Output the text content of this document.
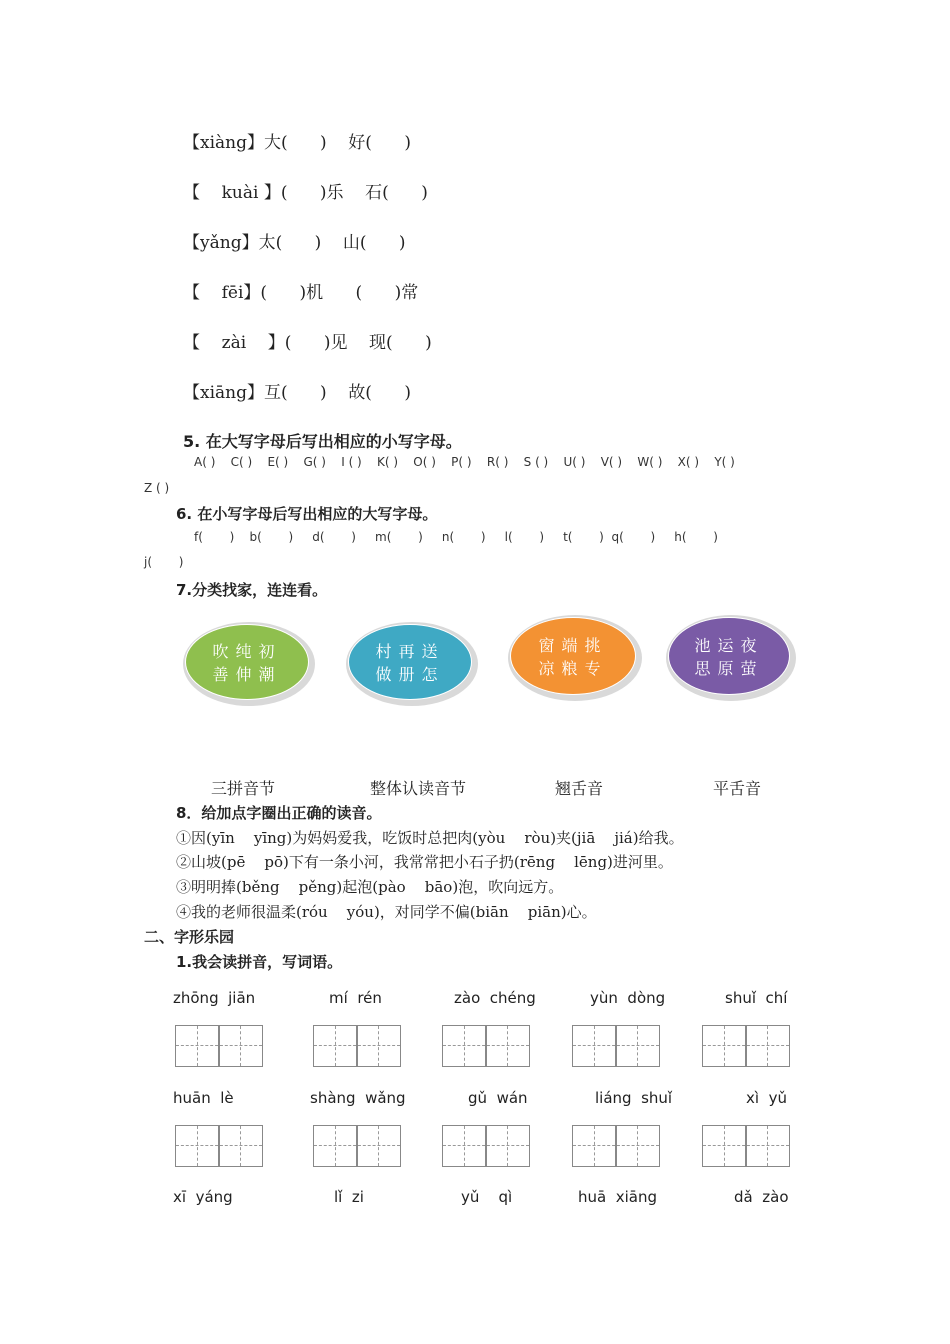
【xiàng】大(      )    好(      )
【    kuài 】(      )乐    石(      )
【yǎng】太(      )    山(      )
【    fēi】(      )机      (      )常
【    zài    】(      )见    现(      )
【xiāng】互(      )    故(      )
5. 在大写字母后写出相应的小写字母。
A( )    C( )    E( )    G( )    I ( )    K( )    O( )    P( )    R( )    S ( )    U( )    V( )    W( )    X( )    Y( )
Z ( )
6. 在小写字母后写出相应的大写字母。
f(       )    b(       )     d(       )     m(       )     n(       )     l(       )     t(       )  q(       )     h(       )
j(       )
7.分类找家，连连看。
吹纯初
善伸潮
村再送
做册怎
窗端挑
凉粮专
池运夜
思原萤
三拼音节	整体认读音节	翘舌音	平舌音
8．给加点字圈出正确的读音。
①因(yīn    yīng)为妈妈爱我，吃饭时总把肉(yòu    ròu)夹(jiā    jiá)给我。
②山坡(pē    pō)下有一条小河，我常常把小石子扔(rēng    lēng)进河里。
③明明捧(běng    pěng)起泡(pào    bāo)泡，吹向远方。
④我的老师很温柔(róu    yóu)，对同学不偏(biān    piān)心。
二、字形乐园
1.我会读拼音，写词语。
zhōng  jiān	mí  rén	zào  chéng	yùn  dòng	shuǐ  chí
huān  lè	shàng  wǎng	gǔ  wán	liáng  shuǐ	xì  yǔ
xī  yáng	lǐ  zi	yǔ    qì	huā  xiāng	dǎ  zào
